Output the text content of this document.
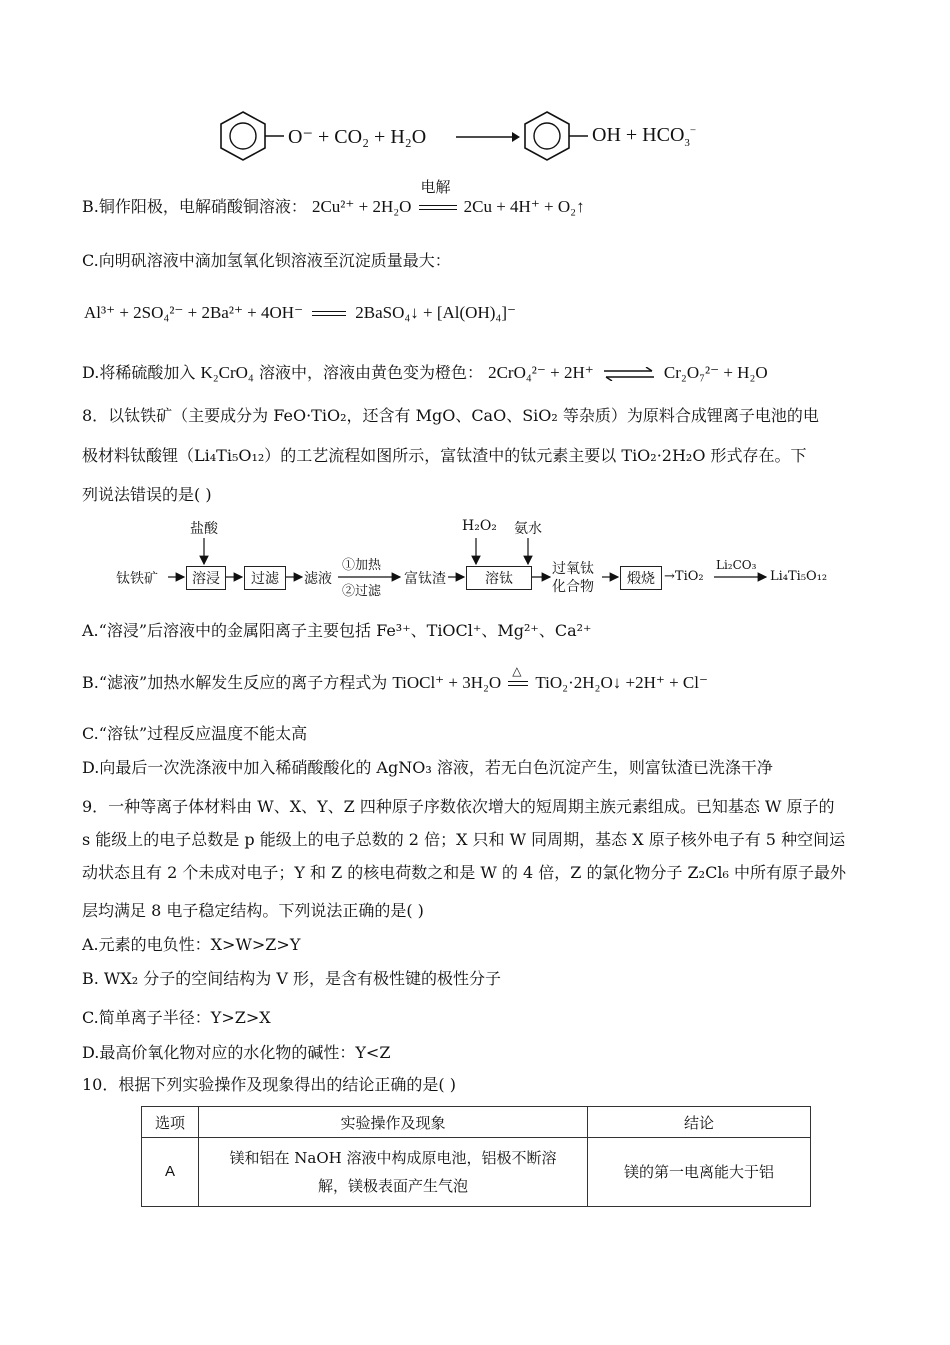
O⁻ + CO₂ + H₂O	OH + $HCO_3^-$
B.铜作阳极，电解硝酸铜溶液： 2Cu²⁺ + 2H₂O
电解
2Cu + 4H⁺ + O₂↑
C.向明矾溶液中滴加氢氧化钡溶液至沉淀质量最大：
Al³⁺ + 2SO₄²⁻ + 2Ba²⁺ + 4OH⁻	2BaSO₄↓ + [Al(OH)₄]⁻
D.将稀硫酸加入 K₂CrO₄ 溶液中，溶液由黄色变为橙色： 2CrO₄²⁻ + 2H⁺ ⇌ Cr₂O₇²⁻ + H₂O
8．以钛铁矿（主要成分为 FeO·TiO₂，还含有 MgO、CaO、SiO₂ 等杂质）为原料合成锂离子电池的电
极材料钛酸锂（Li₄Ti₅O₁₂）的工艺流程如图所示，富钛渣中的钛元素主要以 TiO₂·2H₂O 形式存在。下
列说法错误的是( )
盐酸	H₂O₂ 氨水
钛铁矿	溶浸	过滤	滤液
①加热
②过滤
富钛渣	溶钛
过氧钛
化合物	煅烧 →TiO₂
Li₂CO₃
Li₄Ti₅O₁₂
A.“溶浸”后溶液中的金属阳离子主要包括 Fe³⁺、TiOCl⁺、Mg²⁺、Ca²⁺
B.“滤液”加热水解发生反应的离子方程式为 TiOCl⁺ + 3H₂O
△
TiO₂·2H₂O↓ +2H⁺ + Cl⁻
C.“溶钛”过程反应温度不能太高
D.向最后一次洗涤液中加入稀硝酸酸化的 AgNO₃ 溶液，若无白色沉淀产生，则富钛渣已洗涤干净
9．一种等离子体材料由 W、X、Y、Z 四种原子序数依次增大的短周期主族元素组成。已知基态 W 原子的
s 能级上的电子总数是 p 能级上的电子总数的 2 倍；X 只和 W 同周期，基态 X 原子核外电子有 5 种空间运
动状态且有 2 个未成对电子；Y 和 Z 的核电荷数之和是 W 的 4 倍，Z 的氯化物分子 Z₂Cl₆ 中所有原子最外
层均满足 8 电子稳定结构。下列说法正确的是( )
A.元素的电负性：X>W>Z>Y
B. WX₂ 分子的空间结构为 V 形，是含有极性键的极性分子
C.简单离子半径：Y>Z>X
D.最高价氧化物对应的水化物的碱性：Y<Z
10．根据下列实验操作及现象得出的结论正确的是( )
选项	实验操作及现象	结论
A	镁和铝在 NaOH 溶液中构成原电池，铝极不断溶
解，镁极表面产生气泡	镁的第一电离能大于铝
